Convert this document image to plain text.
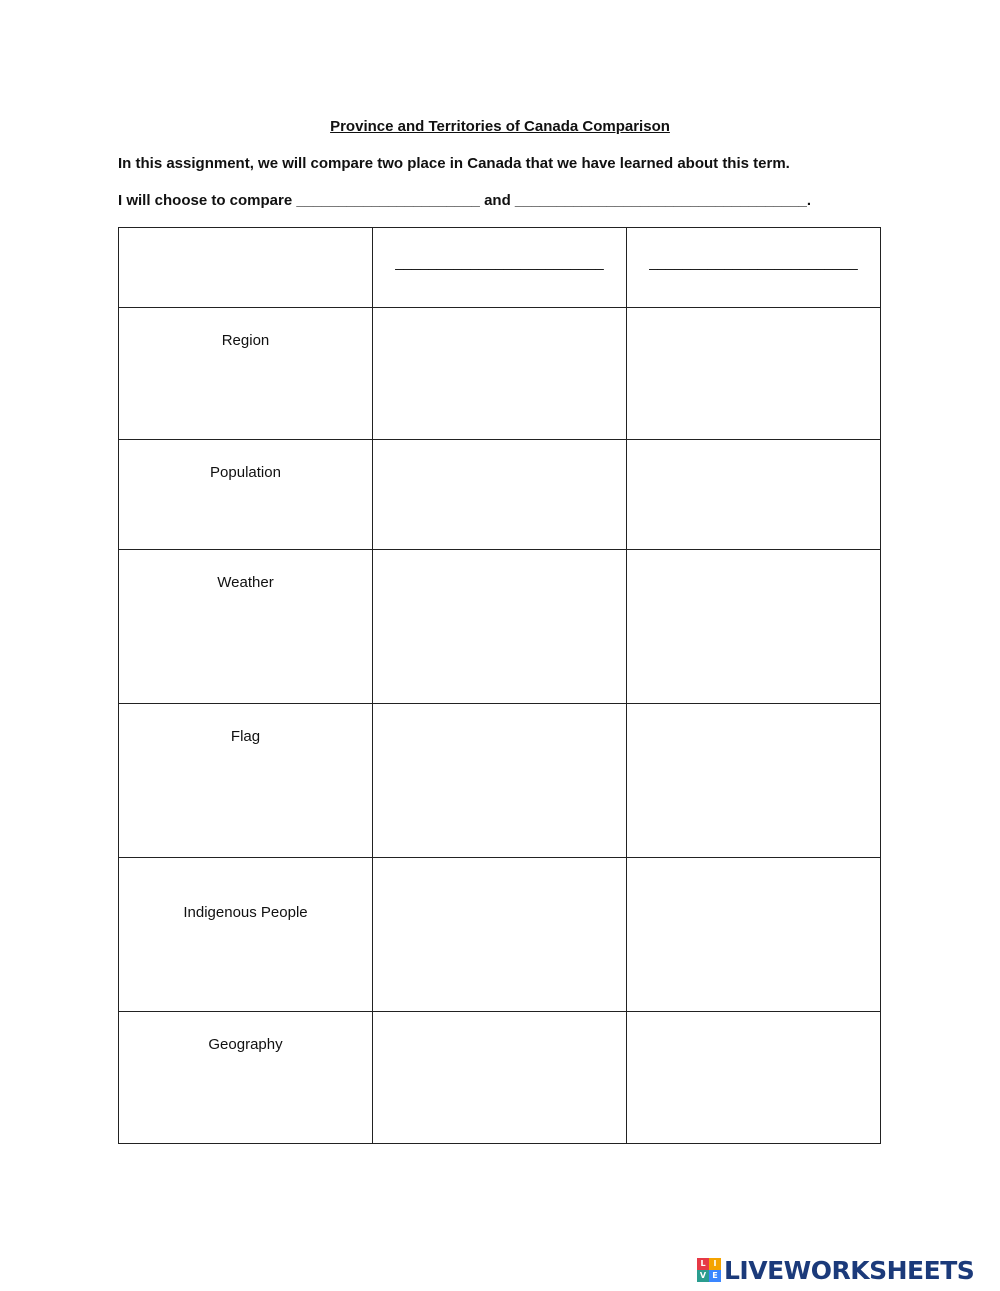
Province and Territories of Canada Comparison
In this assignment, we will compare two place in Canada that we have learned about this term.
I will choose to compare ______________________ and ___________________________________.
	_________________________	_________________________
Region		
Population		
Weather		
Flag		
Indigenous People		
Geography		
L I
V E LIVEWORKSHEETS
